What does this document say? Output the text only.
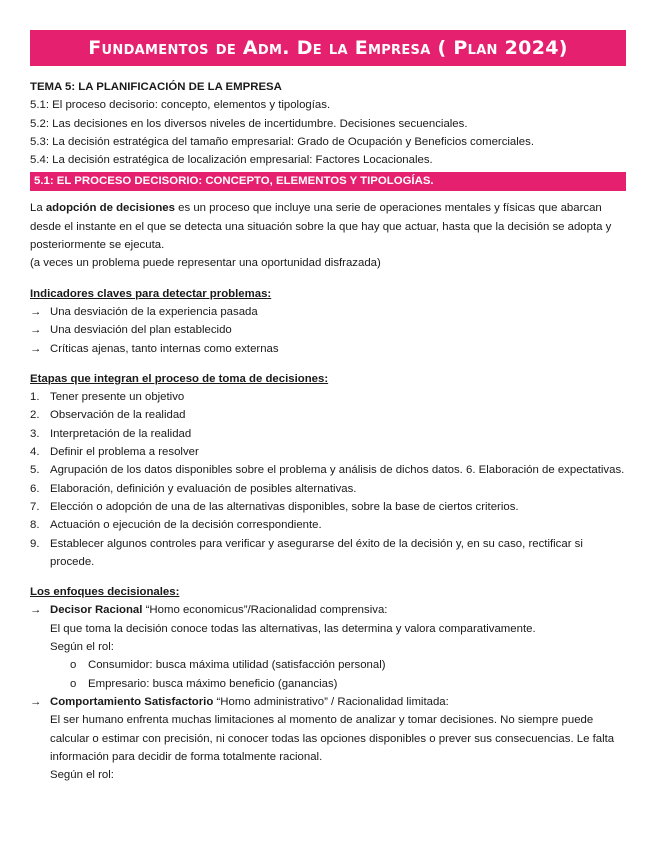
Fundamentos de Adm. De la Empresa ( Plan 2024)
TEMA 5: LA PLANIFICACIÓN DE LA EMPRESA
5.1: El proceso decisorio: concepto, elementos y tipologías.
5.2: Las decisiones en los diversos niveles de incertidumbre. Decisiones secuenciales.
5.3: La decisión estratégica del tamaño empresarial: Grado de Ocupación y Beneficios comerciales.
5.4: La decisión estratégica de localización empresarial: Factores Locacionales.
5.1: EL PROCESO DECISORIO: CONCEPTO, ELEMENTOS Y TIPOLOGÍAS.
La adopción de decisiones es un proceso que incluye una serie de operaciones mentales y físicas que abarcan desde el instante en el que se detecta una situación sobre la que hay que actuar, hasta que la decisión se adopta y posteriormente se ejecuta.
(a veces un problema puede representar una oportunidad disfrazada)
Indicadores claves para detectar problemas:
→ Una desviación de la experiencia pasada
→ Una desviación del plan establecido
→ Críticas ajenas, tanto internas como externas
Etapas que integran el proceso de toma de decisiones:
1. Tener presente un objetivo
2. Observación de la realidad
3. Interpretación de la realidad
4. Definir el problema a resolver
5. Agrupación de los datos disponibles sobre el problema y análisis de dichos datos. 6. Elaboración de expectativas.
6. Elaboración, definición y evaluación de posibles alternativas.
7. Elección o adopción de una de las alternativas disponibles, sobre la base de ciertos criterios.
8. Actuación o ejecución de la decisión correspondiente.
9. Establecer algunos controles para verificar y asegurarse del éxito de la decisión y, en su caso, rectificar si procede.
Los enfoques decisionales:
→ Decisor Racional “Homo economicus”/Racionalidad comprensiva:
El que toma la decisión conoce todas las alternativas, las determina y valora comparativamente.
Según el rol:
o	Consumidor: busca máxima utilidad (satisfacción personal)
o	Empresario: busca máximo beneficio (ganancias)
→ Comportamiento Satisfactorio “Homo administrativo” / Racionalidad limitada:
El ser humano enfrenta muchas limitaciones al momento de analizar y tomar decisiones. No siempre puede calcular o estimar con precisión, ni conocer todas las opciones disponibles o prever sus consecuencias. Le falta información para decidir de forma totalmente racional.
Según el rol:
